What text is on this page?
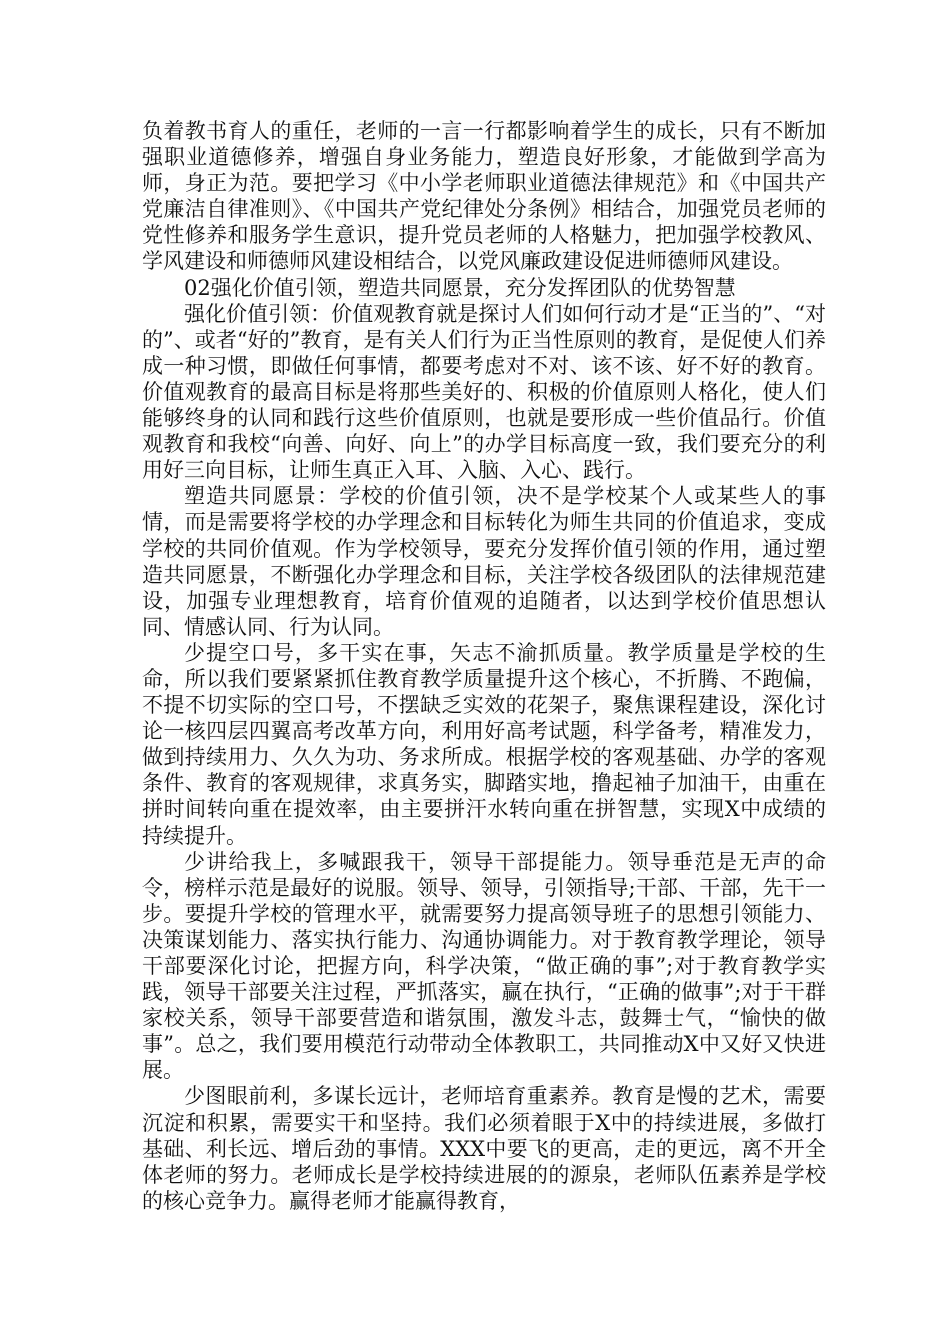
负着教书育人的重任，老师的一言一行都影响着学生的成长，只有不断加强职业道德修养，增强自身业务能力，塑造良好形象，才能做到学高为师，身正为范。要把学习《中小学老师职业道德法律规范》和《中国共产党廉洁自律准则》、《中国共产党纪律处分条例》相结合，加强党员老师的党性修养和服务学生意识，提升党员老师的人格魅力，把加强学校教风、学风建设和师德师风建设相结合，以党风廉政建设促进师德师风建设。

02强化价值引领，塑造共同愿景，充分发挥团队的优势智慧

强化价值引领：价值观教育就是探讨人们如何行动才是“正当的”、“对的”、或者“好的”教育，是有关人们行为正当性原则的教育，是促使人们养成一种习惯，即做任何事情，都要考虑对不对、该不该、好不好的教育。价值观教育的最高目标是将那些美好的、积极的价值原则人格化，使人们能够终身的认同和践行这些价值原则，也就是要形成一些价值品行。价值观教育和我校“向善、向好、向上”的办学目标高度一致，我们要充分的利用好三向目标，让师生真正入耳、入脑、入心、践行。

塑造共同愿景：学校的价值引领，决不是学校某个人或某些人的事情，而是需要将学校的办学理念和目标转化为师生共同的价值追求，变成学校的共同价值观。作为学校领导，要充分发挥价值引领的作用，通过塑造共同愿景，不断强化办学理念和目标，关注学校各级团队的法律规范建设，加强专业理想教育，培育价值观的追随者，以达到学校价值思想认同、情感认同、行为认同。

少提空口号，多干实在事，矢志不渝抓质量。教学质量是学校的生命，所以我们要紧紧抓住教育教学质量提升这个核心，不折腾、不跑偏，不提不切实际的空口号，不摆缺乏实效的花架子，聚焦课程建设，深化讨论一核四层四翼高考改革方向，利用好高考试题，科学备考，精准发力，做到持续用力、久久为功、务求所成。根据学校的客观基础、办学的客观条件、教育的客观规律，求真务实，脚踏实地，撸起袖子加油干，由重在拼时间转向重在提效率，由主要拼汗水转向重在拼智慧，实现X中成绩的持续提升。

少讲给我上，多喊跟我干，领导干部提能力。领导垂范是无声的命令，榜样示范是最好的说服。领导、领导，引领指导;干部、干部，先干一步。要提升学校的管理水平，就需要努力提高领导班子的思想引领能力、决策谋划能力、落实执行能力、沟通协调能力。对于教育教学理论，领导干部要深化讨论，把握方向，科学决策，“做正确的事”;对于教育教学实践，领导干部要关注过程，严抓落实，赢在执行，“正确的做事”;对于干群家校关系，领导干部要营造和谐氛围，激发斗志，鼓舞士气，“愉快的做事”。总之，我们要用模范行动带动全体教职工，共同推动X中又好又快进展。

少图眼前利，多谋长远计，老师培育重素养。教育是慢的艺术，需要沉淀和积累，需要实干和坚持。我们必须着眼于X中的持续进展，多做打基础、利长远、增后劲的事情。XXX中要飞的更高，走的更远，离不开全体老师的努力。老师成长是学校持续进展的的源泉，老师队伍素养是学校的核心竞争力。赢得老师才能赢得教育，
